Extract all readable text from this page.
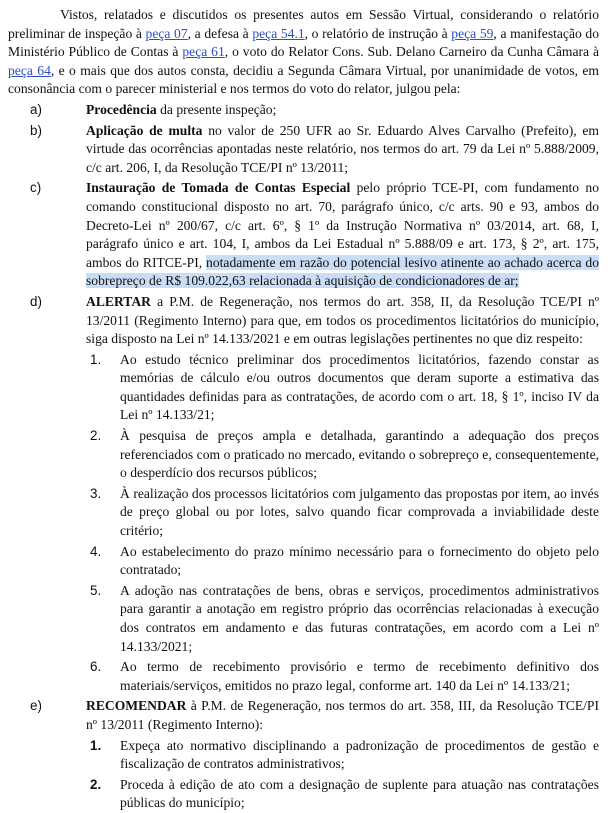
Vistos, relatados e discutidos os presentes autos em Sessão Virtual, considerando o relatório preliminar de inspeção à peça 07, a defesa à peça 54.1, o relatório de instrução à peça 59, a manifestação do Ministério Público de Contas à peça 61, o voto do Relator Cons. Sub. Delano Carneiro da Cunha Câmara à peça 64, e o mais que dos autos consta, decidiu a Segunda Câmara Virtual, por unanimidade de votos, em consonância com o parecer ministerial e nos termos do voto do relator, julgou pela:

a)	Procedência da presente inspeção;

b)	Aplicação de multa no valor de 250 UFR ao Sr. Eduardo Alves Carvalho (Prefeito), em virtude das ocorrências apontadas neste relatório, nos termos do art. 79 da Lei nº 5.888/2009, c/c art. 206, I, da Resolução TCE/PI nº 13/2011;

c)	Instauração de Tomada de Contas Especial pelo próprio TCE-PI, com fundamento no comando constitucional disposto no art. 70, parágrafo único, c/c arts. 90 e 93, ambos do Decreto-Lei nº 200/67, c/c art. 6º, § 1º da Instrução Normativa nº 03/2014, art. 68, I, parágrafo único e art. 104, I, ambos da Lei Estadual nº 5.888/09 e art. 173, § 2º, art. 175, ambos do RITCE-PI, notadamente em razão do potencial lesivo atinente ao achado acerca do sobrepreço de R$ 109.022,63 relacionada à aquisição de condicionadores de ar;

d)	ALERTAR a P.M. de Regeneração, nos termos do art. 358, II, da Resolução TCE/PI nº 13/2011 (Regimento Interno) para que, em todos os procedimentos licitatórios do município, siga disposto na Lei nº 14.133/2021 e em outras legislações pertinentes no que diz respeito:

1.	Ao estudo técnico preliminar dos procedimentos licitatórios, fazendo constar as memórias de cálculo e/ou outros documentos que deram suporte a estimativa das quantidades definidas para as contratações, de acordo com o art. 18, § 1º, inciso IV da Lei nº 14.133/21;

2.	À pesquisa de preços ampla e detalhada, garantindo a adequação dos preços referenciados com o praticado no mercado, evitando o sobrepreço e, consequentemente, o desperdício dos recursos públicos;

3.	À realização dos processos licitatórios com julgamento das propostas por item, ao invés de preço global ou por lotes, salvo quando ficar comprovada a inviabilidade deste critério;

4.	Ao estabelecimento do prazo mínimo necessário para o fornecimento do objeto pelo contratado;

5.	A adoção nas contratações de bens, obras e serviços, procedimentos administrativos para garantir a anotação em registro próprio das ocorrências relacionadas à execução dos contratos em andamento e das futuras contratações, em acordo com a Lei nº 14.133/2021;

6.	Ao termo de recebimento provisório e termo de recebimento definitivo dos materiais/serviços, emitidos no prazo legal, conforme art. 140 da Lei nº 14.133/21;

e)	RECOMENDAR à P.M. de Regeneração, nos termos do art. 358, III, da Resolução TCE/PI nº 13/2011 (Regimento Interno):

1.	Expeça ato normativo disciplinando a padronização de procedimentos de gestão e fiscalização de contratos administrativos;

2.	Proceda à edição de ato com a designação de suplente para atuação nas contratações públicas do município;
